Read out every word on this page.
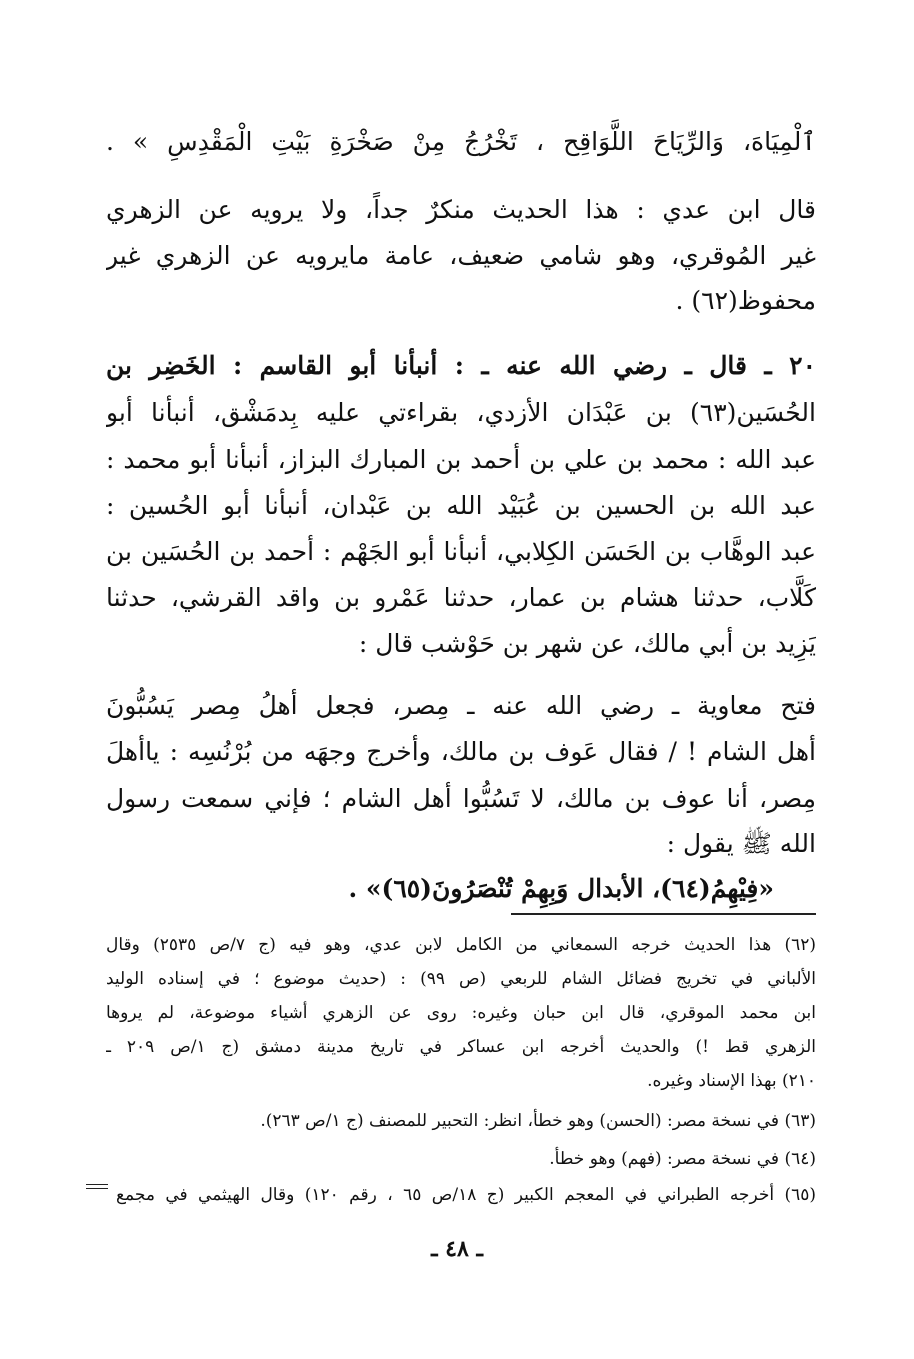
ٱلْمِيَاهَ، وَالرِّيَاحَ اللَّوَاقِح ، تَخْرُجُ مِنْ صَخْرَةِ بَيْتِ الْمَقْدِسِ » .
قال ابن عدي : هذا الحديث منكرٌ جداً، ولا يرويه عن الزهري
غير المُوقري، وهو شامي ضعيف، عامة مايرويه عن الزهري غير
محفوظ(٦٢) .
٢٠ ـ قال ـ رضي الله عنه ـ : أنبأنا أبو القاسم : الخَضِر بن
الحُسَين(٦٣) بن عَبْدَان الأزدي، بقراءتي عليه بِدمَشْق، أنبأنا أبو
عبد الله : محمد بن علي بن أحمد بن المبارك البزاز، أنبأنا أبو محمد :
عبد الله بن الحسين بن عُبَيْد الله بن عَبْدان، أنبأنا أبو الحُسين :
عبد الوهَّاب بن الحَسَن الكِلابي، أنبأنا أبو الجَهْم : أحمد بن الحُسَين بن
كَلَّاب، حدثنا هشام بن عمار، حدثنا عَمْرو بن واقد القرشي، حدثنا
يَزِيد بن أبي مالك، عن شهر بن حَوْشب قال :
فتح معاوية ـ رضي الله عنه ـ مِصر، فجعل أهلُ مِصر يَسُبُّونَ
أهل الشام ! / فقال عَوف بن مالك، وأخرج وجهَه من بُرْنُسِه : ياأهلَ
مِصر، أنا عوف بن مالك، لا تَسُبُّوا أهل الشام ؛ فإني سمعت رسول
الله ﷺ يقول :
«فِيْهِمُ(٦٤)، الأبدال وَبِهِمْ تُنْصَرُونَ(٦٥)» .
(٦٢) هذا الحديث خرجه السمعاني من الكامل لابن عدي، وهو فيه (ج ٧/ص ٢٥٣٥) وقال
الألباني في تخريج فضائل الشام للربعي (ص ٩٩) : (حديث موضوع ؛ في إسناده الوليد
ابن محمد الموقري، قال ابن حبان وغيره: روى عن الزهري أشياء موضوعة، لم يروها
الزهري قط !) والحديث أخرجه ابن عساكر في تاريخ مدينة دمشق (ج ١/ص ٢٠٩ ـ
٢١٠) بهذا الإسناد وغيره.
(٦٣) في نسخة مصر: (الحسن) وهو خطأ، انظر: التحبير للمصنف (ج ١/ص ٢٦٣).
(٦٤) في نسخة مصر: (فهم) وهو خطأ.
(٦٥) أخرجه الطبراني في المعجم الكبير (ج ١٨/ص ٦٥ ، رقم ١٢٠) وقال الهيثمي في مجمع
ـ ٤٨ ـ
